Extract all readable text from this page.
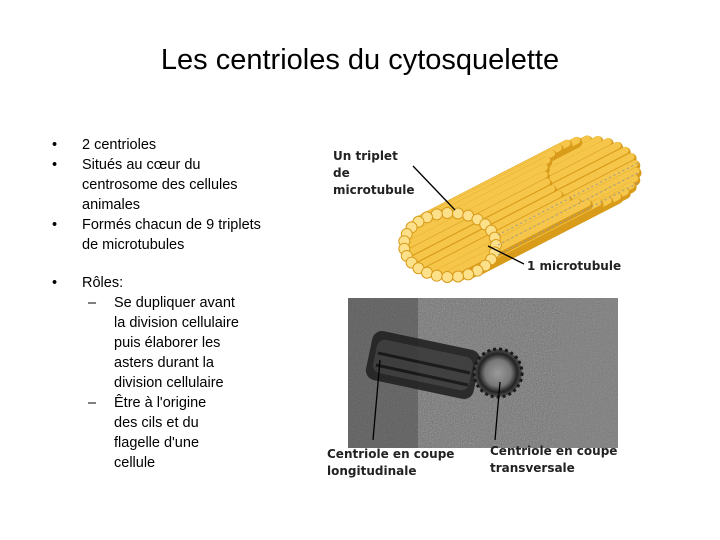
Les centrioles du cytosquelette
• 2 centrioles
• Situés au cœur du centrosome des cellules animales
• Formés chacun de 9 triplets de microtubules
• Rôles:
– Se dupliquer avant la division cellulaire puis élaborer les asters durant la division cellulaire
– Être à l'origine des cils et du flagelle d'une cellule
Un triplet
de
microtubule
1 microtubule
Centriole en coupe
longitudinale
Centriole en coupe
transversale
